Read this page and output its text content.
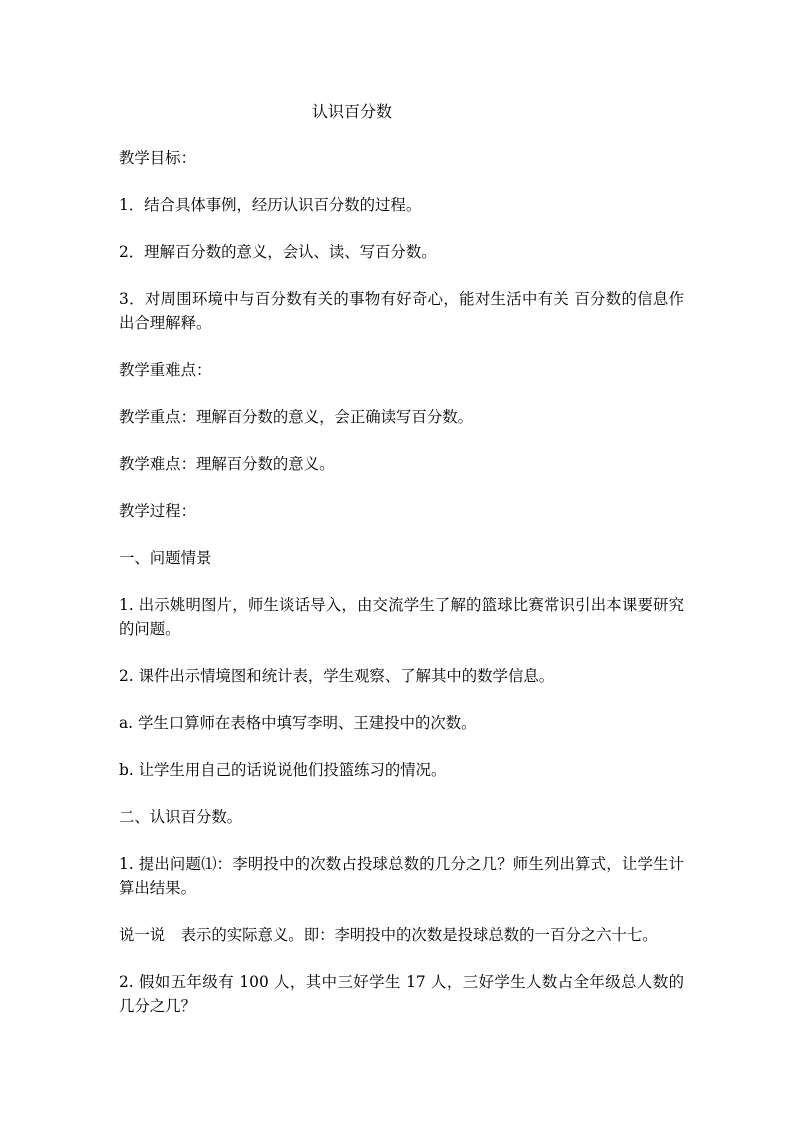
认识百分数

教学目标：

1．结合具体事例，经历认识百分数的过程。

2．理解百分数的意义，会认、读、写百分数。

3．对周围环境中与百分数有关的事物有好奇心，能对生活中有关 百分数的信息作出合理解释。

教学重难点：

教学重点：理解百分数的意义，会正确读写百分数。

教学难点：理解百分数的意义。

教学过程：

一、问题情景

1. 出示姚明图片，师生谈话导入，由交流学生了解的篮球比赛常识引出本课要研究的问题。

2. 课件出示情境图和统计表，学生观察、了解其中的数学信息。

a. 学生口算师在表格中填写李明、王建投中的次数。

b. 让学生用自己的话说说他们投篮练习的情况。

二、认识百分数。

1. 提出问题⑴：李明投中的次数占投球总数的几分之几？师生列出算式，让学生计算出结果。

说一说　表示的实际意义。即：李明投中的次数是投球总数的一百分之六十七。

2. 假如五年级有 100 人，其中三好学生 17 人，三好学生人数占全年级总人数的几分之几？
